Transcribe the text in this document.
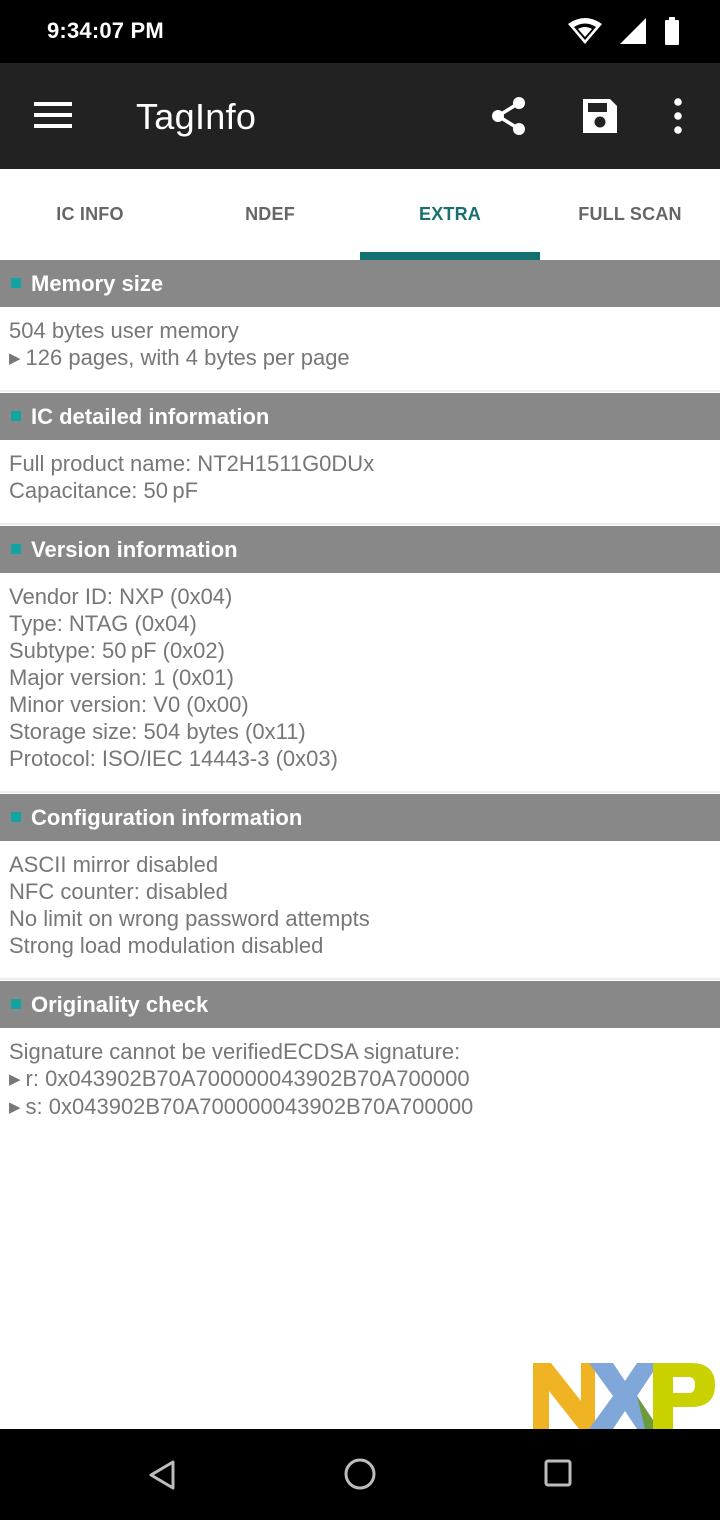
9:34:07 PM
TagInfo
IC INFO	NDEF	EXTRA	FULL SCAN
Memory size
504 bytes user memory
▶ 126 pages, with 4 bytes per page
IC detailed information
Full product name: NT2H1511G0DUx
Capacitance: 50 pF
Version information
Vendor ID: NXP (0x04)
Type: NTAG (0x04)
Subtype: 50 pF (0x02)
Major version: 1 (0x01)
Minor version: V0 (0x00)
Storage size: 504 bytes (0x11)
Protocol: ISO/IEC 14443-3 (0x03)
Configuration information
ASCII mirror disabled
NFC counter: disabled
No limit on wrong password attempts
Strong load modulation disabled
Originality check
Signature cannot be verifiedECDSA signature:
▶ r: 0x043902B70A700000043902B70A700000
▶ s: 0x043902B70A700000043902B70A700000
